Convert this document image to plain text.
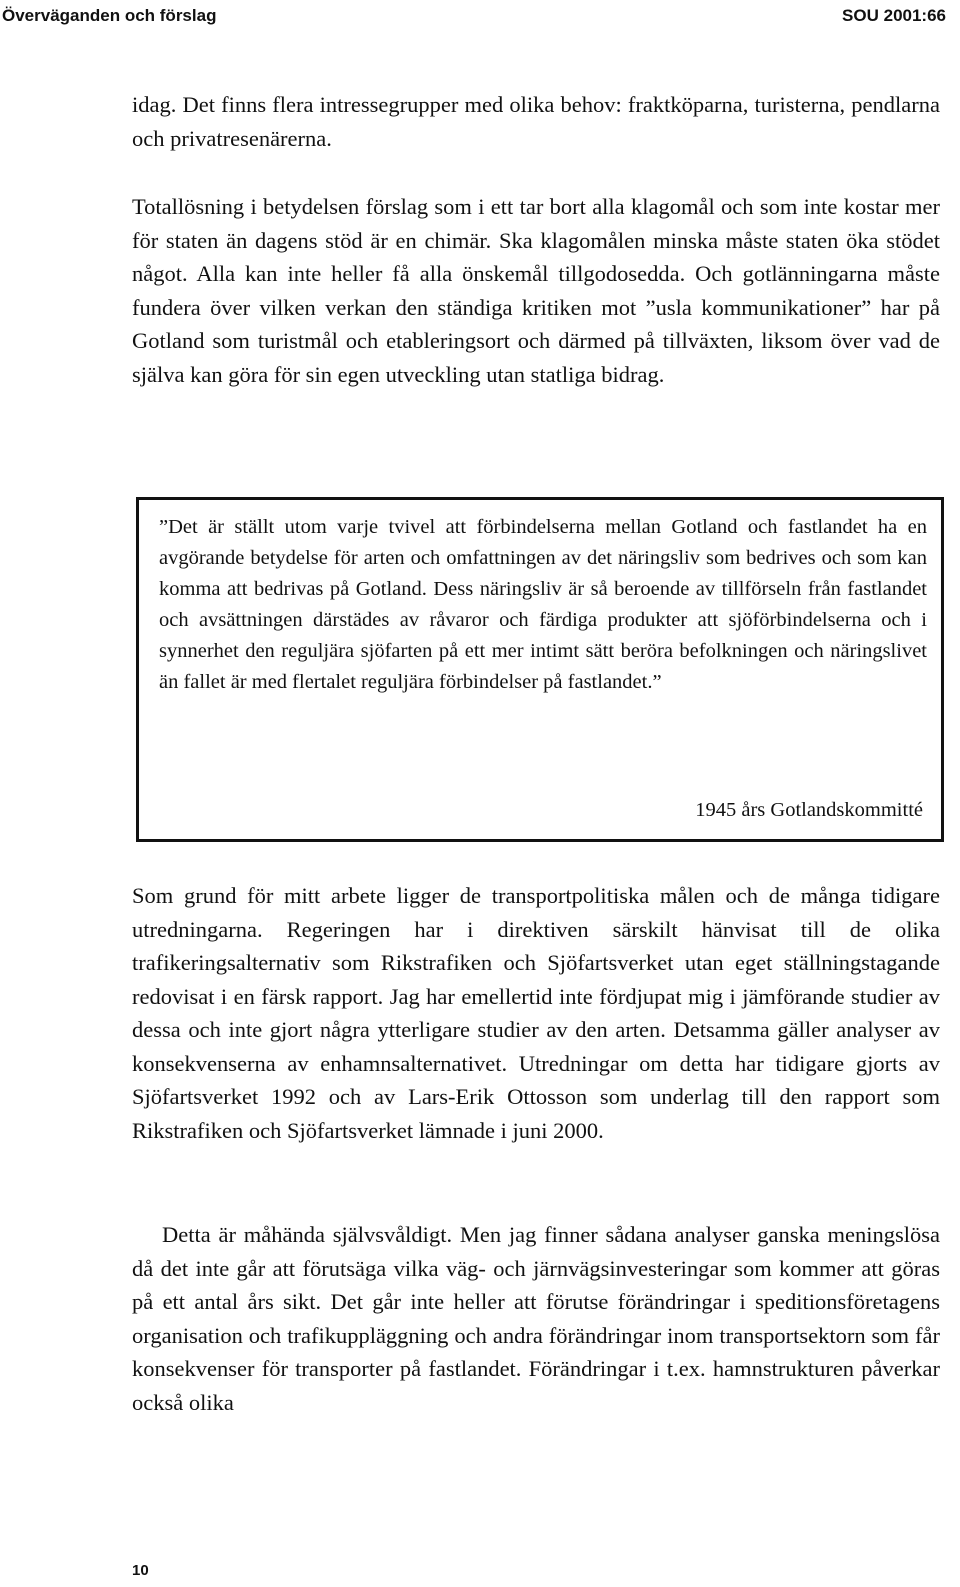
Överväganden och förslag	SOU 2001:66

idag. Det finns flera intressegrupper med olika behov: fraktköparna, turisterna, pendlarna och privatresenärerna.

Totallösning i betydelsen förslag som i ett tar bort alla klagomål och som inte kostar mer för staten än dagens stöd är en chimär. Ska klagomålen minska måste staten öka stödet något. Alla kan inte heller få alla önskemål tillgodosedda. Och gotlänningarna måste fundera över vilken verkan den ständiga kritiken mot ”usla kommunikationer” har på Gotland som turistmål och etableringsort och därmed på tillväxten, liksom över vad de själva kan göra för sin egen utveckling utan statliga bidrag.

”Det är ställt utom varje tvivel att förbindelserna mellan Gotland och fastlandet ha en avgörande betydelse för arten och omfattningen av det näringsliv som bedrives och som kan komma att bedrivas på Gotland. Dess näringsliv är så beroende av tillförseln från fastlandet och avsättningen därstädes av råvaror och färdiga produkter att sjöförbindelserna och i synnerhet den reguljära sjöfarten på ett mer intimt sätt beröra befolkningen och näringslivet än fallet är med flertalet reguljära förbindelser på fastlandet.”

1945 års Gotlandskommitté

Som grund för mitt arbete ligger de transportpolitiska målen och de många tidigare utredningarna. Regeringen har i direktiven särskilt hänvisat till de olika trafikeringsalternativ som Rikstrafiken och Sjöfartsverket utan eget ställningstagande redovisat i en färsk rapport. Jag har emellertid inte fördjupat mig i jämförande studier av dessa och inte gjort några ytterligare studier av den arten. Detsamma gäller analyser av konsekvenserna av enhamnsalternativet. Utredningar om detta har tidigare gjorts av Sjöfartsverket 1992 och av Lars-Erik Ottosson som underlag till den rapport som Rikstrafiken och Sjöfartsverket lämnade i juni 2000.

Detta är måhända självsvåldigt. Men jag finner sådana analyser ganska meningslösa då det inte går att förutsäga vilka väg- och järnvägsinvesteringar som kommer att göras på ett antal års sikt. Det går inte heller att förutse förändringar i speditionsföretagens organisation och trafikuppläggning och andra förändringar inom transportsektorn som får konsekvenser för transporter på fastlandet. Förändringar i t.ex. hamnstrukturen påverkar också olika

10
